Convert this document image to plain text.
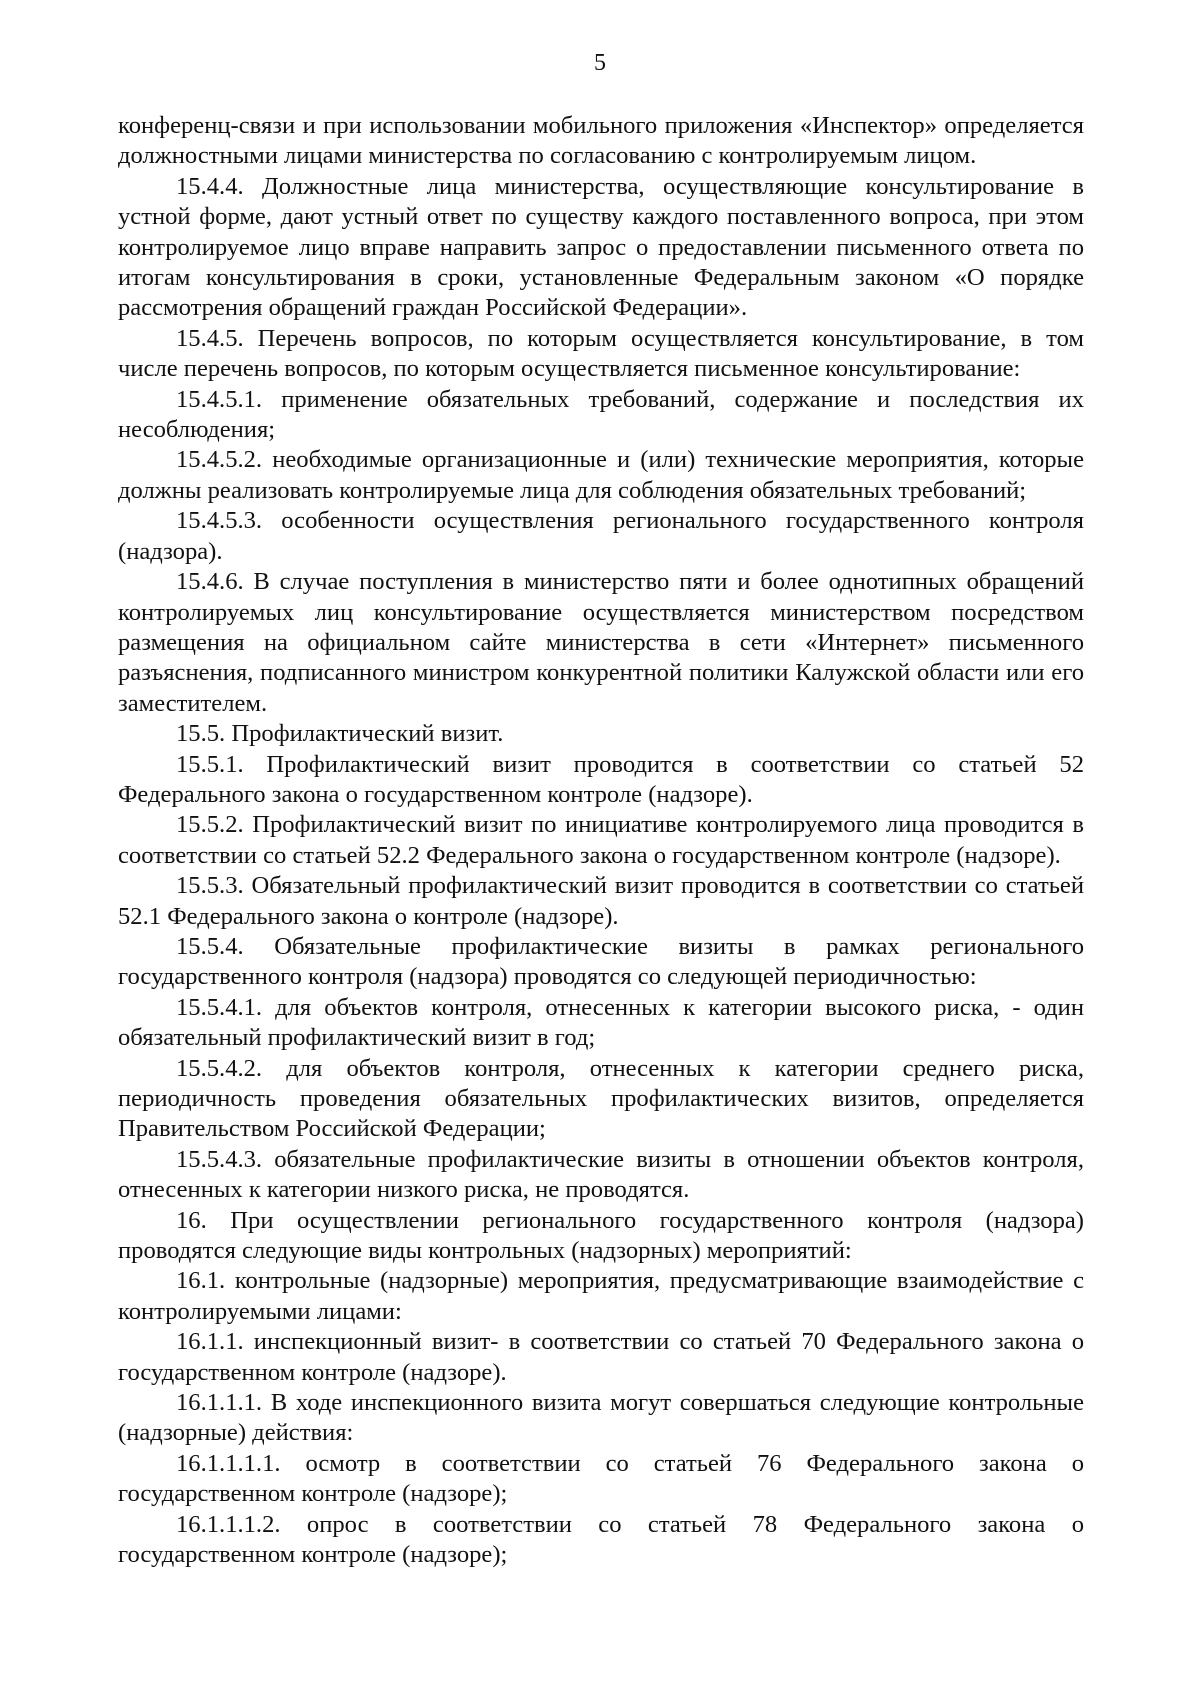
5

конференц-связи и при использовании мобильного приложения «Инспектор» определяется должностными лицами министерства по согласованию с контролируемым лицом.

15.4.4. Должностные лица министерства, осуществляющие консультирование в устной форме, дают устный ответ по существу каждого поставленного вопроса, при этом контролируемое лицо вправе направить запрос о предоставлении письменного ответа по итогам консультирования в сроки, установленные Федеральным законом «О порядке рассмотрения обращений граждан Российской Федерации».

15.4.5. Перечень вопросов, по которым осуществляется консультирование, в том числе перечень вопросов, по которым осуществляется письменное консультирование:

15.4.5.1. применение обязательных требований, содержание и последствия их несоблюдения;

15.4.5.2. необходимые организационные и (или) технические мероприятия, которые должны реализовать контролируемые лица для соблюдения обязательных требований;

15.4.5.3. особенности осуществления регионального государственного контроля (надзора).

15.4.6. В случае поступления в министерство пяти и более однотипных обращений контролируемых лиц консультирование осуществляется министерством посредством размещения на официальном сайте министерства в сети «Интернет» письменного разъяснения, подписанного министром конкурентной политики Калужской области или его заместителем.

15.5. Профилактический визит.

15.5.1. Профилактический визит проводится в соответствии со статьей 52 Федерального закона о государственном контроле (надзоре).

15.5.2. Профилактический визит по инициативе контролируемого лица проводится в соответствии со статьей 52.2 Федерального закона о государственном контроле (надзоре).

15.5.3. Обязательный профилактический визит проводится в соответствии со статьей 52.1 Федерального закона о контроле (надзоре).

15.5.4. Обязательные профилактические визиты в рамках регионального государственного контроля (надзора) проводятся со следующей периодичностью:

15.5.4.1. для объектов контроля, отнесенных к категории высокого риска, - один обязательный профилактический визит в год;

15.5.4.2. для объектов контроля, отнесенных к категории среднего риска, периодичность проведения обязательных профилактических визитов, определяется Правительством Российской Федерации;

15.5.4.3. обязательные профилактические визиты в отношении объектов контроля, отнесенных к категории низкого риска, не проводятся.

16. При осуществлении регионального государственного контроля (надзора) проводятся следующие виды контрольных (надзорных) мероприятий:

16.1. контрольные (надзорные) мероприятия, предусматривающие взаимодействие с контролируемыми лицами:

16.1.1. инспекционный визит- в соответствии со статьей 70 Федерального закона о государственном контроле (надзоре).

16.1.1.1. В ходе инспекционного визита могут совершаться следующие контрольные (надзорные) действия:

16.1.1.1.1. осмотр в соответствии со статьей 76 Федерального закона о государственном контроле (надзоре);

16.1.1.1.2. опрос в соответствии со статьей 78 Федерального закона о государственном контроле (надзоре);
